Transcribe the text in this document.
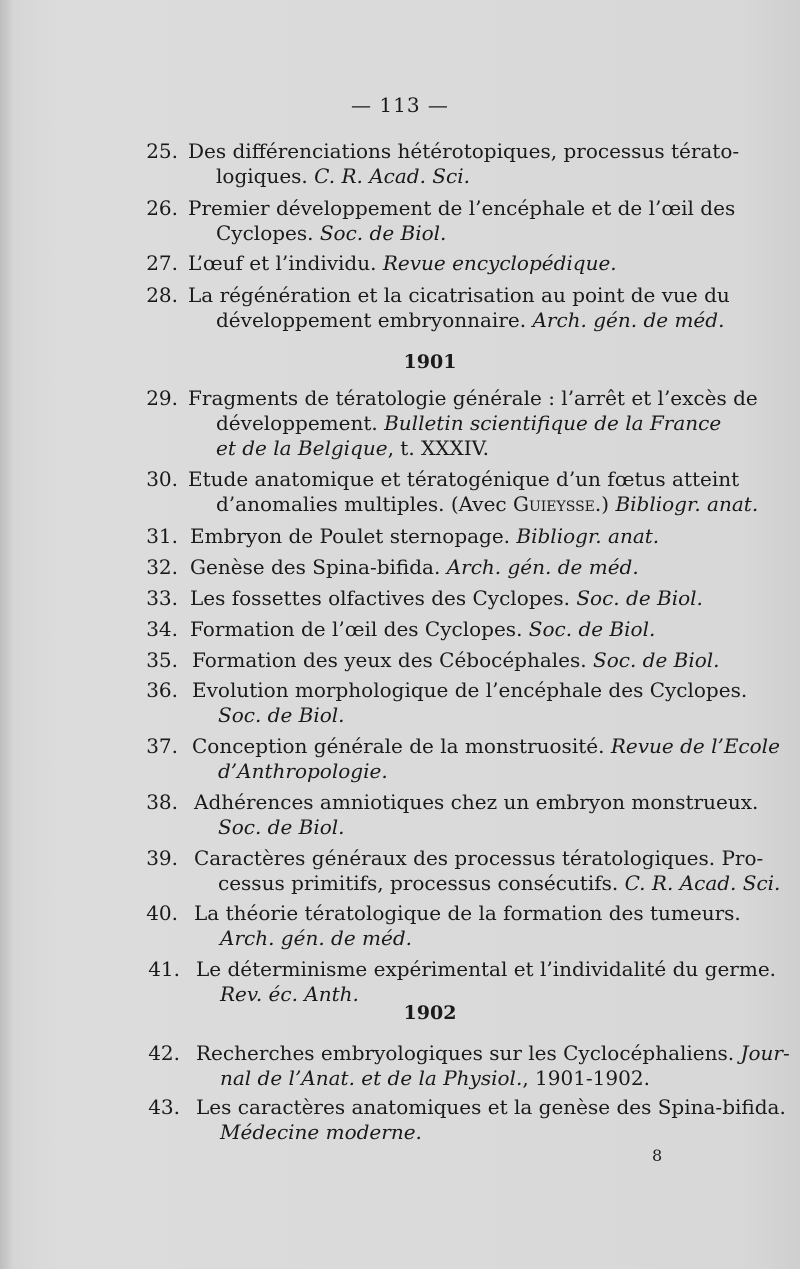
— 113 —
25. Des différenciations hétérotopiques, processus térato-
logiques. C. R. Acad. Sci.
26. Premier développement de l’encéphale et de l’œil des
Cyclopes. Soc. de Biol.
27. L’œuf et l’individu. Revue encyclopédique.
28. La régénération et la cicatrisation au point de vue du
développement embryonnaire. Arch. gén. de méd.
1901
29. Fragments de tératologie générale : l’arrêt et l’excès de
développement. Bulletin scientifique de la France
et de la Belgique, t. XXXIV.
30. Etude anatomique et tératogénique d’un fœtus atteint
d’anomalies multiples. (Avec Guieysse.) Bibliogr. anat.
31. Embryon de Poulet sternopage. Bibliogr. anat.
32. Genèse des Spina-bifida. Arch. gén. de méd.
33. Les fossettes olfactives des Cyclopes. Soc. de Biol.
34. Formation de l’œil des Cyclopes. Soc. de Biol.
35. Formation des yeux des Cébocéphales. Soc. de Biol.
36. Evolution morphologique de l’encéphale des Cyclopes.
Soc. de Biol.
37. Conception générale de la monstruosité. Revue de l’Ecole
d’Anthropologie.
38. Adhérences amniotiques chez un embryon monstrueux.
Soc. de Biol.
39. Caractères généraux des processus tératologiques. Pro-
cessus primitifs, processus consécutifs. C. R. Acad. Sci.
40. La théorie tératologique de la formation des tumeurs.
Arch. gén. de méd.
41. Le déterminisme expérimental et l’individalité du germe.
Rev. éc. Anth.
1902
42. Recherches embryologiques sur les Cyclocéphaliens. Jour-
nal de l’Anat. et de la Physiol., 1901-1902.
43. Les caractères anatomiques et la genèse des Spina-bifida.
Médecine moderne.
8
